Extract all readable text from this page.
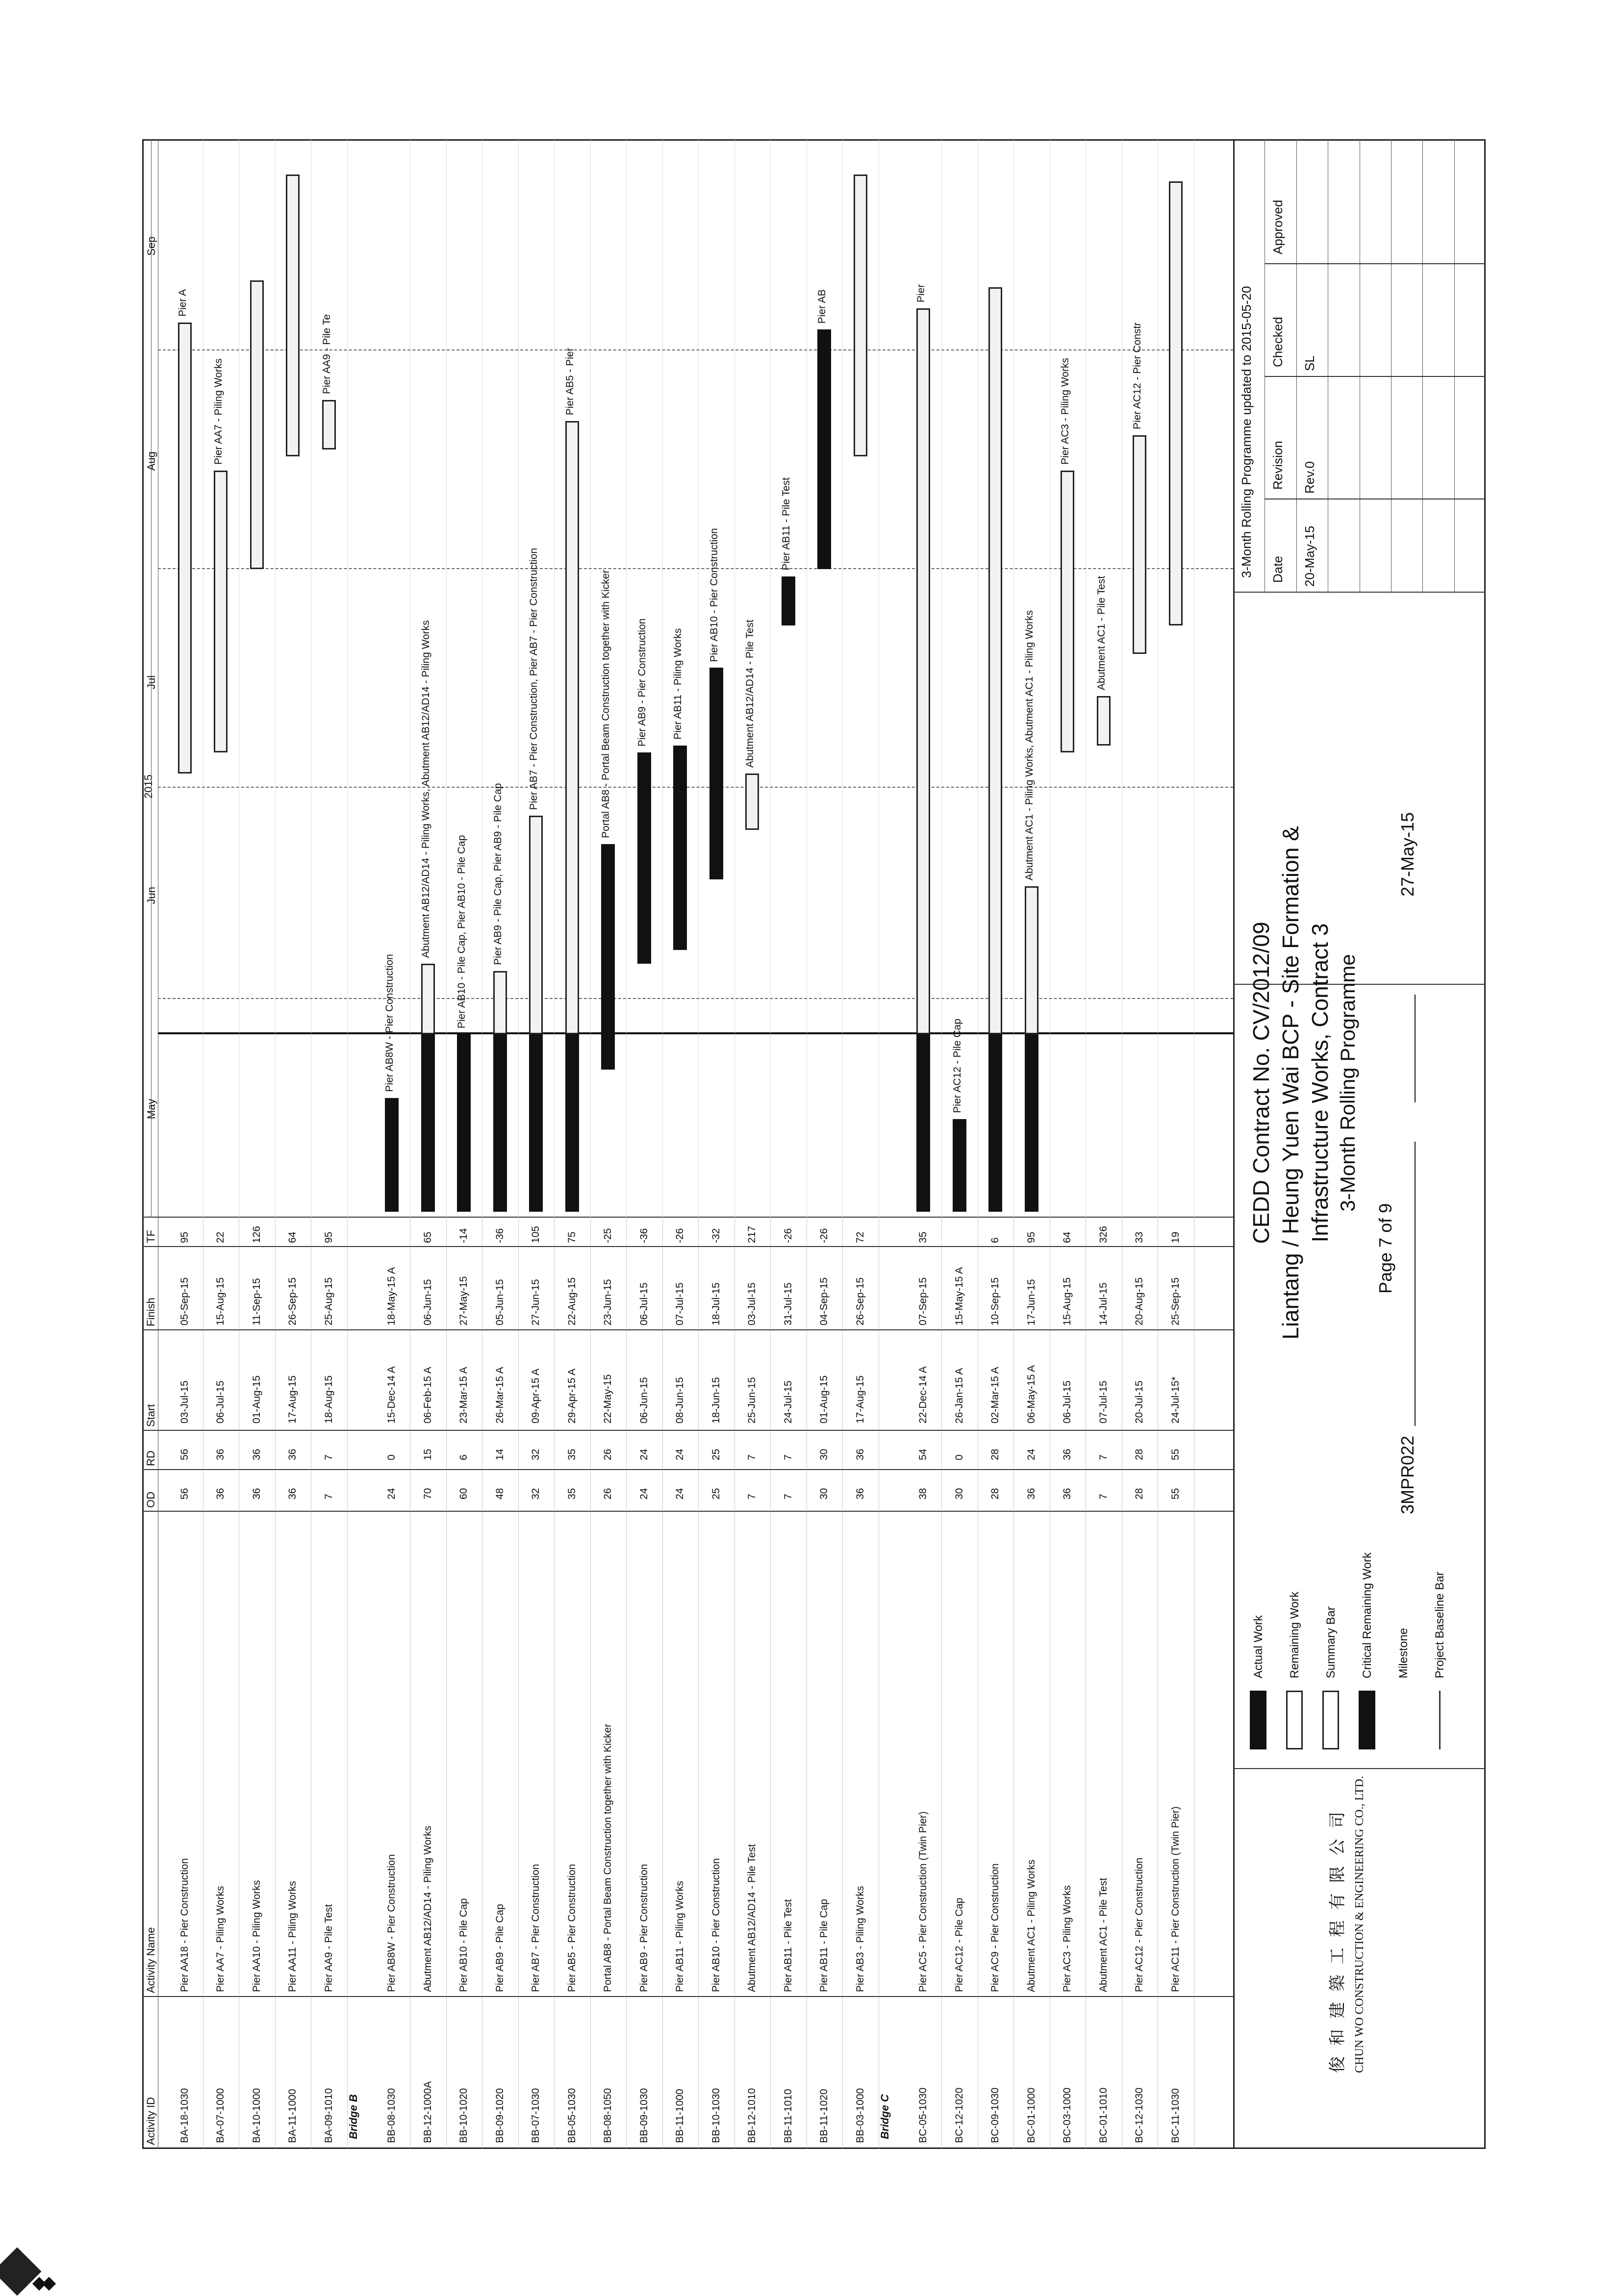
Activity ID
Activity Name
OD
RD
Start
Finish
TF
2015
May
Jun
Jul
Aug
Sep
BA-18-1030
Pier AA18 - Pier Construction
56
56
03-Jul-15
05-Sep-15
95
Pier A
BA-07-1000
Pier AA7 - Piling Works
36
36
06-Jul-15
15-Aug-15
22
Pier AA7 - Piling Works
BA-10-1000
Pier AA10 - Piling Works
36
36
01-Aug-15
11-Sep-15
126
BA-11-1000
Pier AA11 - Piling Works
36
36
17-Aug-15
26-Sep-15
64
BA-09-1010
Pier AA9 - Pile Test
7
7
18-Aug-15
25-Aug-15
95
Pier AA9 - Pile Te
Bridge B	BB-08-1030
Pier AB8W - Pier Construction
24
0
15-Dec-14 A
18-May-15 A
Pier AB8W - Pier Construction
BB-12-1000A
Abutment AB12/AD14 - Piling Works
70
15
06-Feb-15 A
06-Jun-15
65
Abutment AB12/AD14 - Piling Works, Abutment AB12/AD14 - Piling Works
BB-10-1020
Pier AB10 - Pile Cap
60
6
23-Mar-15 A
27-May-15
-14
Pier AB10 - Pile Cap, Pier AB10 - Pile Cap
BB-09-1020
Pier AB9 - Pile Cap
48
14
26-Mar-15 A
05-Jun-15
-36
Pier AB9 - Pile Cap, Pier AB9 - Pile Cap
BB-07-1030
Pier AB7 - Pier Construction
32
32
09-Apr-15 A
27-Jun-15
105
Pier AB7 - Pier Construction, Pier AB7 - Pier Construction
BB-05-1030
Pier AB5 - Pier Construction
35
35
29-Apr-15 A
22-Aug-15
75
Pier AB5 - Pier
BB-08-1050
Portal AB8 - Portal Beam Construction together with Kicker
26
26
22-May-15
23-Jun-15
-25
Portal AB8 - Portal Beam Construction together with Kicker
BB-09-1030
Pier AB9 - Pier Construction
24
24
06-Jun-15
06-Jul-15
-36
Pier AB9 - Pier Construction
BB-11-1000
Pier AB11 - Piling Works
24
24
08-Jun-15
07-Jul-15
-26
Pier AB11 - Piling Works
BB-10-1030
Pier AB10 - Pier Construction
25
25
18-Jun-15
18-Jul-15
-32
Pier AB10 - Pier Construction
BB-12-1010
Abutment AB12/AD14 - Pile Test
7
7
25-Jun-15
03-Jul-15
217
Abutment AB12/AD14 - Pile Test
BB-11-1010
Pier AB11 - Pile Test
7
7
24-Jul-15
31-Jul-15
-26
Pier AB11 - Pile Test
BB-11-1020
Pier AB11 - Pile Cap
30
30
01-Aug-15
04-Sep-15
-26
Pier AB
BB-03-1000
Pier AB3 - Piling Works
36
36
17-Aug-15
26-Sep-15
72
Bridge C	BC-05-1030
Pier AC5 - Pier Construction (Twin Pier)
38
54
22-Dec-14 A
07-Sep-15
35
Pier
BC-12-1020
Pier AC12 - Pile Cap
30
0
26-Jan-15 A
15-May-15 A
Pier AC12 - Pile Cap
BC-09-1030
Pier AC9 - Pier Construction
28
28
02-Mar-15 A
10-Sep-15
6
BC-01-1000
Abutment AC1 - Piling Works
36
24
06-May-15 A
17-Jun-15
95
Abutment AC1 - Piling Works, Abutment AC1 - Piling Works
BC-03-1000
Pier AC3 - Piling Works
36
36
06-Jul-15
15-Aug-15
64
Pier AC3 - Piling Works
BC-01-1010
Abutment AC1 - Pile Test
7
7
07-Jul-15
14-Jul-15
326
Abutment AC1 - Pile Test
BC-12-1030
Pier AC12 - Pier Construction
28
28
20-Jul-15
20-Aug-15
33
Pier AC12 - Pier Constr
BC-11-1030
Pier AC11 - Pier Construction (Twin Pier)
55
55
24-Jul-15*
25-Sep-15
19
俊 和 建 築 工 程 有 限 公 司 CHUN WO CONSTRUCTION & ENGINEERING CO., LTD.
Actual Work Remaining Work Summary Bar Critical Remaining Work Milestone Project Baseline Bar
CEDD Contract No. CV/2012/09 Liantang / Heung Yuen Wai BCP - Site Formation & Infrastructure Works, Contract 3 3-Month Rolling Programme
3MPR022
Page 7 of 9
27-May-15
3-Month Rolling Programme updated to 2015-05-20 Date
Revision
Checked
Approved
20-May-15
Rev.0
SL
